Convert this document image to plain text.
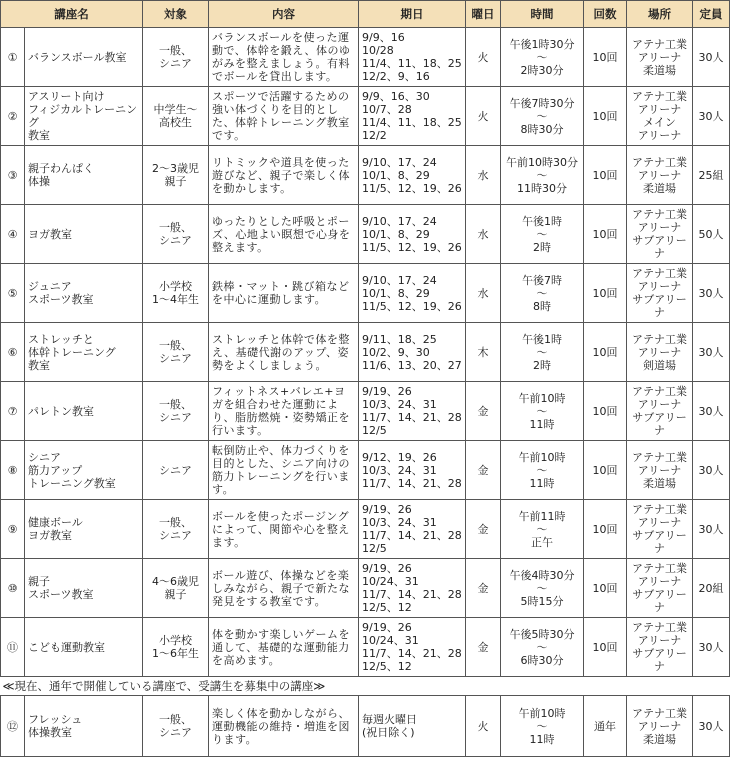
講座名		対象	内容	期日	曜日	時間	回数	場所	定員
①	バランスボール教室	一般、
シニア	バランスボールを使った運動で、体幹を鍛え、体のゆがみを整えましょう。有料でボールを貸出します。	9/9、16
10/28
11/4、11、18、25
12/2、9、16	火	午後1時30分
～
2時30分	10回	アテナ工業
アリーナ
柔道場	30人
②	アスリート向け
フィジカルトレーニング
教室	中学生～
高校生	スポーツで活躍するための強い体づくりを目的とした、体幹トレーニング教室です。	9/9、16、30
10/7、28
11/4、11、18、25
12/2	火	午後7時30分
～
8時30分	10回	アテナ工業
アリーナ
メイン
アリーナ	30人
③	親子わんぱく
体操	2～3歳児
親子	リトミックや道具を使った遊びなど、親子で楽しく体を動かします。	9/10、17、24
10/1、8、29
11/5、12、19、26	水	午前10時30分
～
11時30分	10回	アテナ工業
アリーナ
柔道場	25組
④	ヨガ教室	一般、
シニア	ゆったりとした呼吸とポーズ、心地よい瞑想で心身を整えます。	9/10、17、24
10/1、8、29
11/5、12、19、26	水	午後1時
～
2時	10回	アテナ工業
アリーナ
サブアリーナ	50人
⑤	ジュニア
スポーツ教室	小学校
1～4年生	鉄棒・マット・跳び箱などを中心に運動します。	9/10、17、24
10/1、8、29
11/5、12、19、26	水	午後7時
～
8時	10回	アテナ工業
アリーナ
サブアリーナ	30人
⑥	ストレッチと
体幹トレーニング
教室	一般、
シニア	ストレッチと体幹で体を整え、基礎代謝のアップ、姿勢をよくしましょう。	9/11、18、25
10/2、9、30
11/6、13、20、27	木	午後1時
～
2時	10回	アテナ工業
アリーナ
剣道場	30人
⑦	パレトン教室	一般、
シニア	フィットネス+バレエ+ヨガを組合わせた運動により、脂肪燃焼・姿勢矯正を行います。	9/19、26
10/3、24、31
11/7、14、21、28
12/5	金	午前10時
～
11時	10回	アテナ工業
アリーナ
サブアリーナ	30人
⑧	シニア
筋力アップ
トレーニング教室	シニア	転倒防止や、体力づくりを目的とした、シニア向けの筋力トレーニングを行います。	9/12、19、26
10/3、24、31
11/7、14、21、28	金	午前10時
～
11時	10回	アテナ工業
アリーナ
柔道場	30人
⑨	健康ボール
ヨガ教室	一般、
シニア	ボールを使ったポージングによって、関節や心を整えます。	9/19、26
10/3、24、31
11/7、14、21、28
12/5	金	午前11時
～
正午	10回	アテナ工業
アリーナ
サブアリーナ	30人
⑩	親子
スポーツ教室	4～6歳児
親子	ボール遊び、体操などを楽しみながら、親子で新たな発見をする教室です。	9/19、26
10/24、31
11/7、14、21、28
12/5、12	金	午後4時30分
～
5時15分	10回	アテナ工業
アリーナ
サブアリーナ	20組
⑪	こども運動教室	小学校
1～6年生	体を動かす楽しいゲームを通して、基礎的な運動能力を高めます。	9/19、26
10/24、31
11/7、14、21、28
12/5、12	金	午後5時30分
～
6時30分	10回	アテナ工業
アリーナ
サブアリーナ	30人
≪現在、通年で開催している講座で、受講生を募集中の講座≫									
⑫	フレッシュ
体操教室	一般、
シニア	楽しく体を動かしながら、運動機能の維持・増進を図ります。	毎週火曜日
(祝日除く)	火	午前10時
～
11時	通年	アテナ工業
アリーナ
柔道場	30人
